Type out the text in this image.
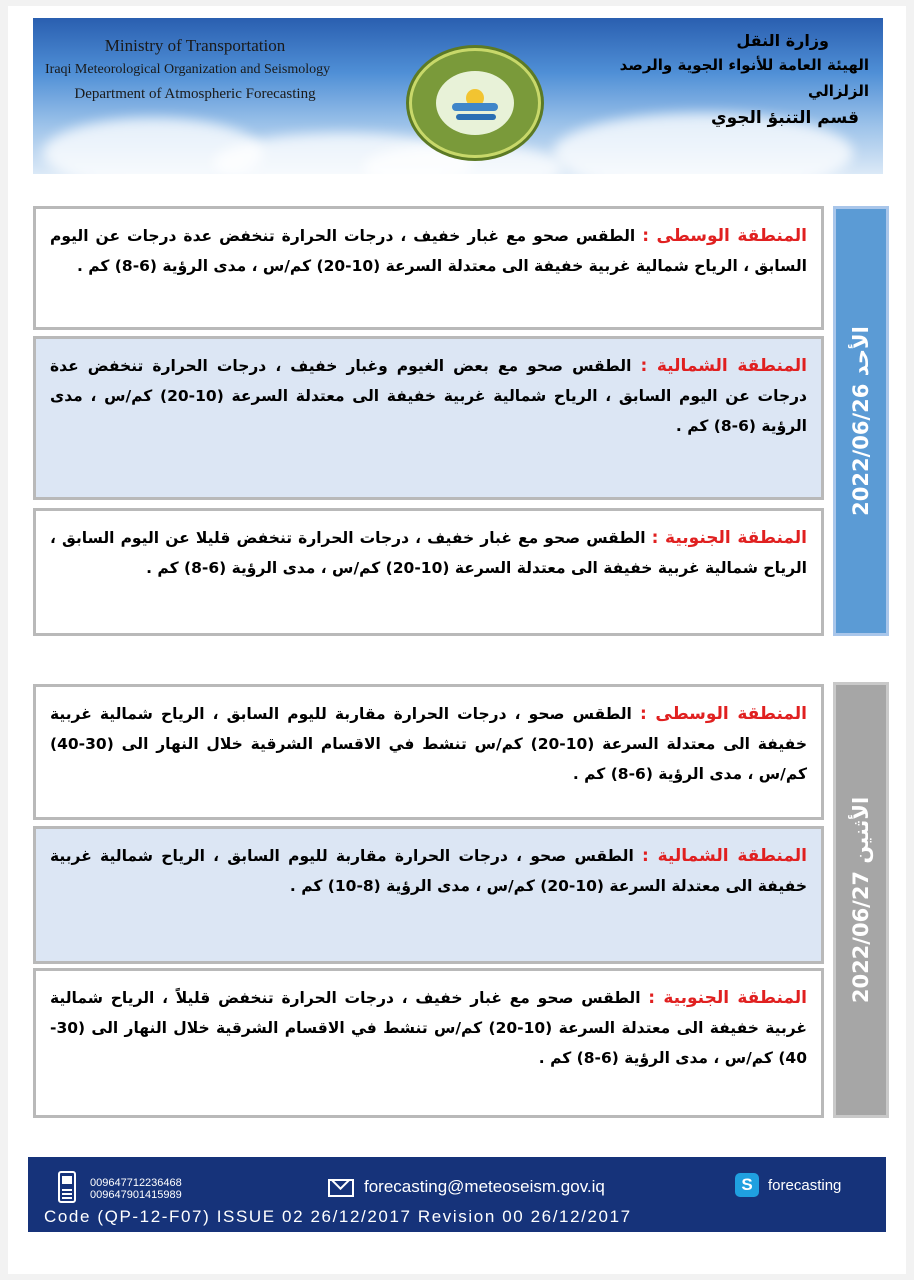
Ministry of Transportation
Iraqi Meteorological Organization and Seismology
Department of Atmospheric Forecasting
وزارة النقل
الهيئة العامة للأنواء الجوية والرصد الزلزالي
قسم التنبؤ الجوي
المنطقة الوسطى : الطقس صحو مع غبار خفيف ، درجات الحرارة تنخفض عدة درجات عن اليوم السابق ، الرياح شمالية غربية خفيفة الى معتدلة السرعة (10-20) كم/س ، مدى الرؤية (6-8) كم .
المنطقة الشمالية : الطقس صحو مع بعض الغيوم وغبار خفيف ، درجات الحرارة تنخفض عدة درجات عن اليوم السابق ، الرياح شمالية غربية خفيفة الى معتدلة السرعة (10-20) كم/س ، مدى الرؤية (6-8) كم .
المنطقة الجنوبية : الطقس صحو مع غبار خفيف ، درجات الحرارة تنخفض قليلا عن اليوم السابق ، الرياح شمالية غربية خفيفة الى معتدلة السرعة (10-20) كم/س ، مدى الرؤية (6-8) كم .
الأحد 2022/06/26
المنطقة الوسطى : الطقس صحو ، درجات الحرارة مقاربة لليوم السابق ، الرياح شمالية غربية خفيفة الى معتدلة السرعة (10-20) كم/س تنشط في الاقسام الشرقية خلال النهار الى (30-40) كم/س ، مدى الرؤية (6-8) كم .
المنطقة الشمالية : الطقس صحو ، درجات الحرارة مقاربة لليوم السابق ، الرياح شمالية غربية خفيفة الى معتدلة السرعة (10-20) كم/س ، مدى الرؤية (8-10) كم .
المنطقة الجنوبية : الطقس صحو مع غبار خفيف ، درجات الحرارة تنخفض قليلاً ، الرياح شمالية غربية خفيفة الى معتدلة السرعة (10-20) كم/س تنشط في الاقسام الشرقية خلال النهار الى (30-40) كم/س ، مدى الرؤية (6-8) كم .
الأثنين 2022/06/27
009647712236468
009647901415989	forecasting@meteoseism.gov.iq	S	forecasting
Code (QP-12-F07) ISSUE 02 26/12/2017 Revision 00 26/12/2017
